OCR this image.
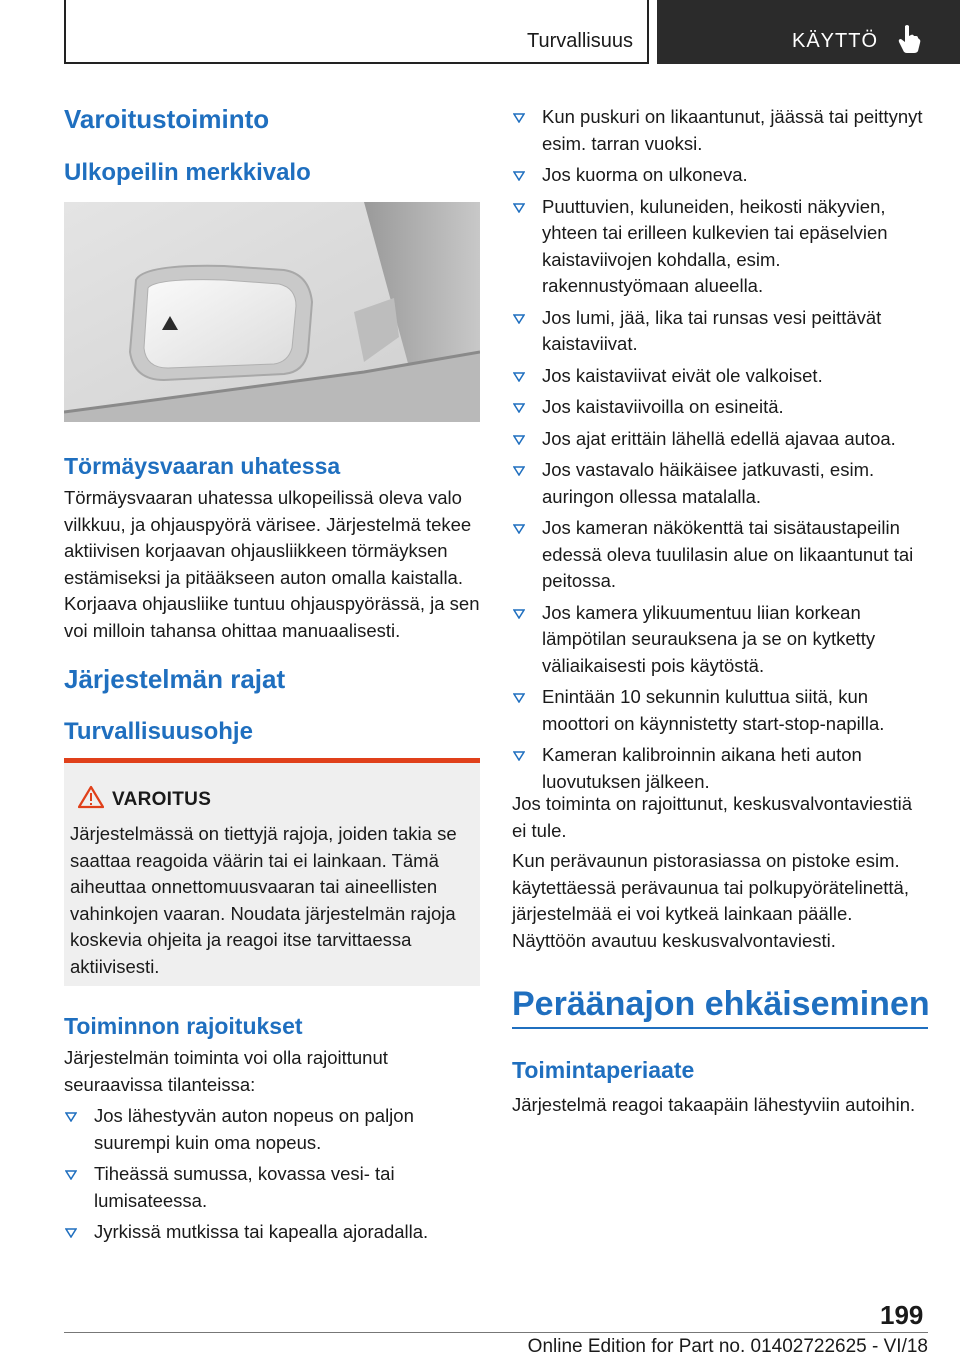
Turvallisuus	KÄYTTÖ
Varoitustoiminto
Ulkopeilin merkkivalo
Törmäysvaaran uhatessa
Törmäysvaaran uhatessa ulkopeilissä oleva valo vilkkuu, ja ohjauspyörä värisee. Järjestelmä tekee aktiivisen korjaavan ohjausliikkeen törmäyksen estämiseksi ja pitääkseen auton omalla kaistalla. Korjaava ohjausliike tuntuu ohjauspyörässä, ja sen voi milloin tahansa ohittaa manuaalisesti.
Järjestelmän rajat
Turvallisuusohje
VAROITUS
Järjestelmässä on tiettyjä rajoja, joiden takia se saattaa reagoida väärin tai ei lainkaan. Tämä aiheuttaa onnettomuusvaaran tai aineellisten vahinkojen vaaran. Noudata järjestelmän rajoja koskevia ohjeita ja reagoi itse tarvittaessa aktiivisesti.
Toiminnon rajoitukset
Järjestelmän toiminta voi olla rajoittunut seuraavissa tilanteissa:
Jos lähestyvän auton nopeus on paljon suurempi kuin oma nopeus.
Tiheässä sumussa, kovassa vesi- tai lumisateessa.
Jyrkissä mutkissa tai kapealla ajoradalla.
Kun puskuri on likaantunut, jäässä tai peittynyt esim. tarran vuoksi.
Jos kuorma on ulkoneva.
Puuttuvien, kuluneiden, heikosti näkyvien, yhteen tai erilleen kulkevien tai epäselvien kaistaviivojen kohdalla, esim. rakennustyömaan alueella.
Jos lumi, jää, lika tai runsas vesi peittävät kaistaviivat.
Jos kaistaviivat eivät ole valkoiset.
Jos kaistaviivoilla on esineitä.
Jos ajat erittäin lähellä edellä ajavaa autoa.
Jos vastavalo häikäisee jatkuvasti, esim. auringon ollessa matalalla.
Jos kameran näkökenttä tai sisätaustapeilin edessä oleva tuulilasin alue on likaantunut tai peitossa.
Jos kamera ylikuumentuu liian korkean lämpötilan seurauksena ja se on kytketty väliaikaisesti pois käytöstä.
Enintään 10 sekunnin kuluttua siitä, kun moottori on käynnistetty start-stop-napilla.
Kameran kalibroinnin aikana heti auton luovutuksen jälkeen.
Jos toiminta on rajoittunut, keskusvalvontaviestiä ei tule.
Kun perävaunun pistorasiassa on pistoke esim. käytettäessä perävaunua tai polkupyörätelinettä, järjestelmää ei voi kytkeä lainkaan päälle. Näyttöön avautuu keskusvalvontaviesti.
Peräänajon ehkäiseminen
Toimintaperiaate
Järjestelmä reagoi takaapäin lähestyviin autoihin.
199
Online Edition for Part no. 01402722625 - VI/18
